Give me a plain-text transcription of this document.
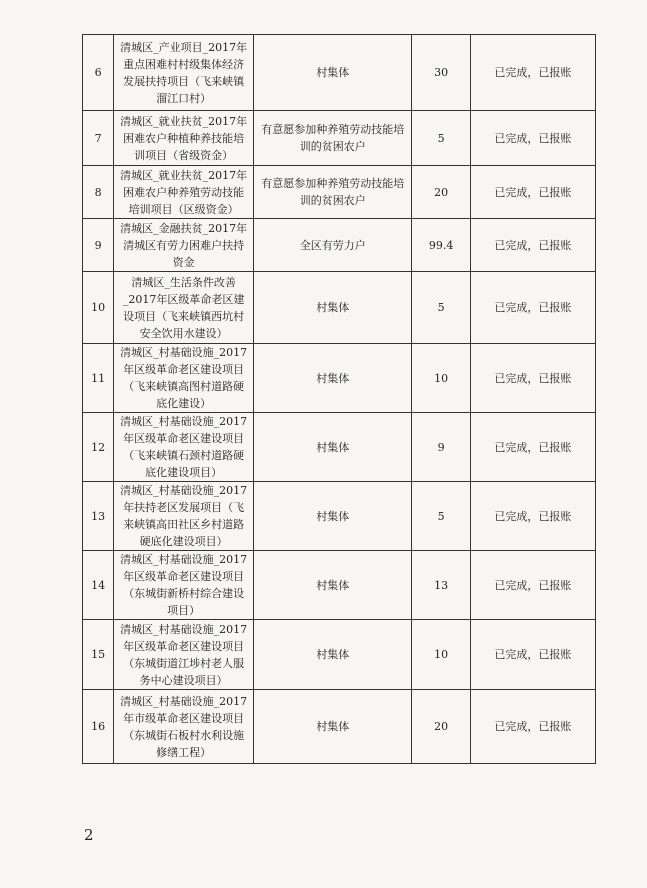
6	清城区_产业项目_2017年重点困难村村级集体经济发展扶持项目（飞来峡镇溜江口村）	村集体	30	已完成，已报账
7	清城区_就业扶贫_2017年困难农户种植种养技能培训项目（省级资金）	有意愿参加种养殖劳动技能培训的贫困农户	5	已完成，已报账
8	清城区_就业扶贫_2017年困难农户种养殖劳动技能培训项目（区级资金）	有意愿参加种养殖劳动技能培训的贫困农户	20	已完成，已报账
9	清城区_金融扶贫_2017年清城区有劳力困难户扶持资金	全区有劳力户	99.4	已完成，已报账
10	清城区_生活条件改善_2017年区级革命老区建设项目（飞来峡镇西坑村安全饮用水建设）	村集体	5	已完成，已报账
11	清城区_村基础设施_2017年区级革命老区建设项目（飞来峡镇高图村道路硬底化建设）	村集体	10	已完成，已报账
12	清城区_村基础设施_2017年区级革命老区建设项目（飞来峡镇石颈村道路硬底化建设项目）	村集体	9	已完成，已报账
13	清城区_村基础设施_2017年扶持老区发展项目（飞来峡镇高田社区乡村道路硬底化建设项目）	村集体	5	已完成，已报账
14	清城区_村基础设施_2017年区级革命老区建设项目（东城街新桥村综合建设项目）	村集体	13	已完成，已报账
15	清城区_村基础设施_2017年区级革命老区建设项目（东城街道江埗村老人服务中心建设项目）	村集体	10	已完成，已报账
16	清城区_村基础设施_2017年市级革命老区建设项目（东城街石板村水利设施修缮工程）	村集体	20	已完成，已报账
2
